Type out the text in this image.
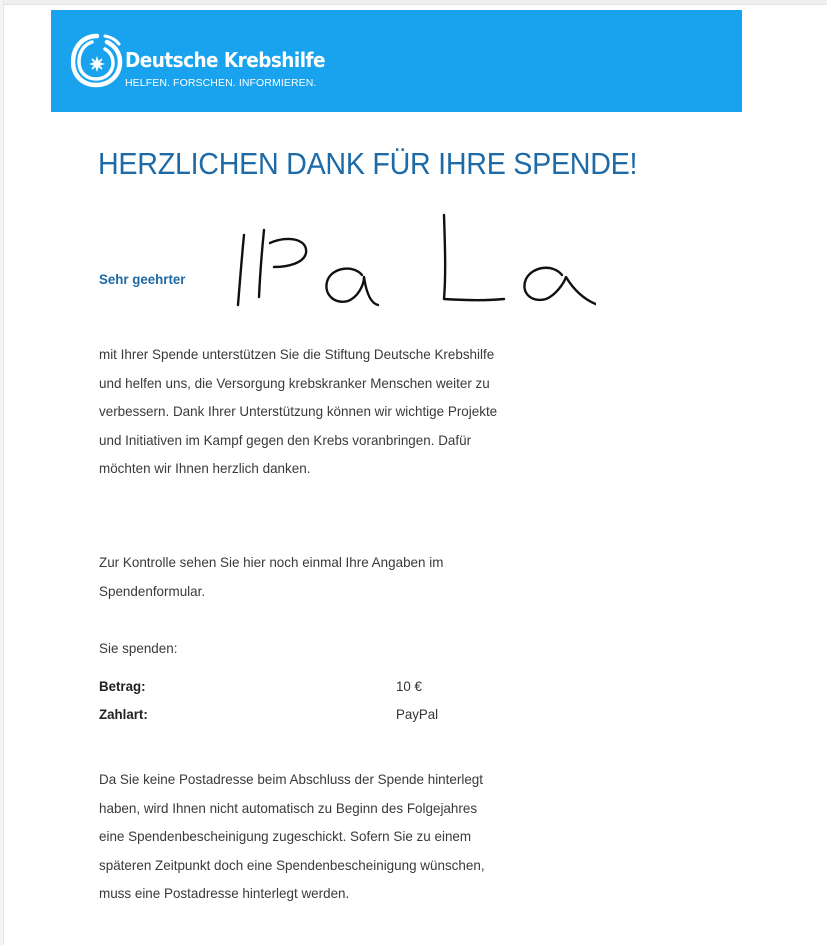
Deutsche Krebshilfe
HELFEN. FORSCHEN. INFORMIEREN.
HERZLICHEN DANK FÜR IHRE SPENDE!
Sehr geehrter

mit Ihrer Spende unterstützen Sie die Stiftung Deutsche Krebshilfe und helfen uns, die Versorgung krebskranker Menschen weiter zu verbessern. Dank Ihrer Unterstützung können wir wichtige Projekte und Initiativen im Kampf gegen den Krebs voranbringen. Dafür möchten wir Ihnen herzlich danken.

Zur Kontrolle sehen Sie hier noch einmal Ihre Angaben im Spendenformular.

Sie spenden:

Betrag:	10 €
Zahlart:	PayPal

Da Sie keine Postadresse beim Abschluss der Spende hinterlegt haben, wird Ihnen nicht automatisch zu Beginn des Folgejahres eine Spendenbescheinigung zugeschickt. Sofern Sie zu einem späteren Zeitpunkt doch eine Spendenbescheinigung wünschen, muss eine Postadresse hinterlegt werden.
